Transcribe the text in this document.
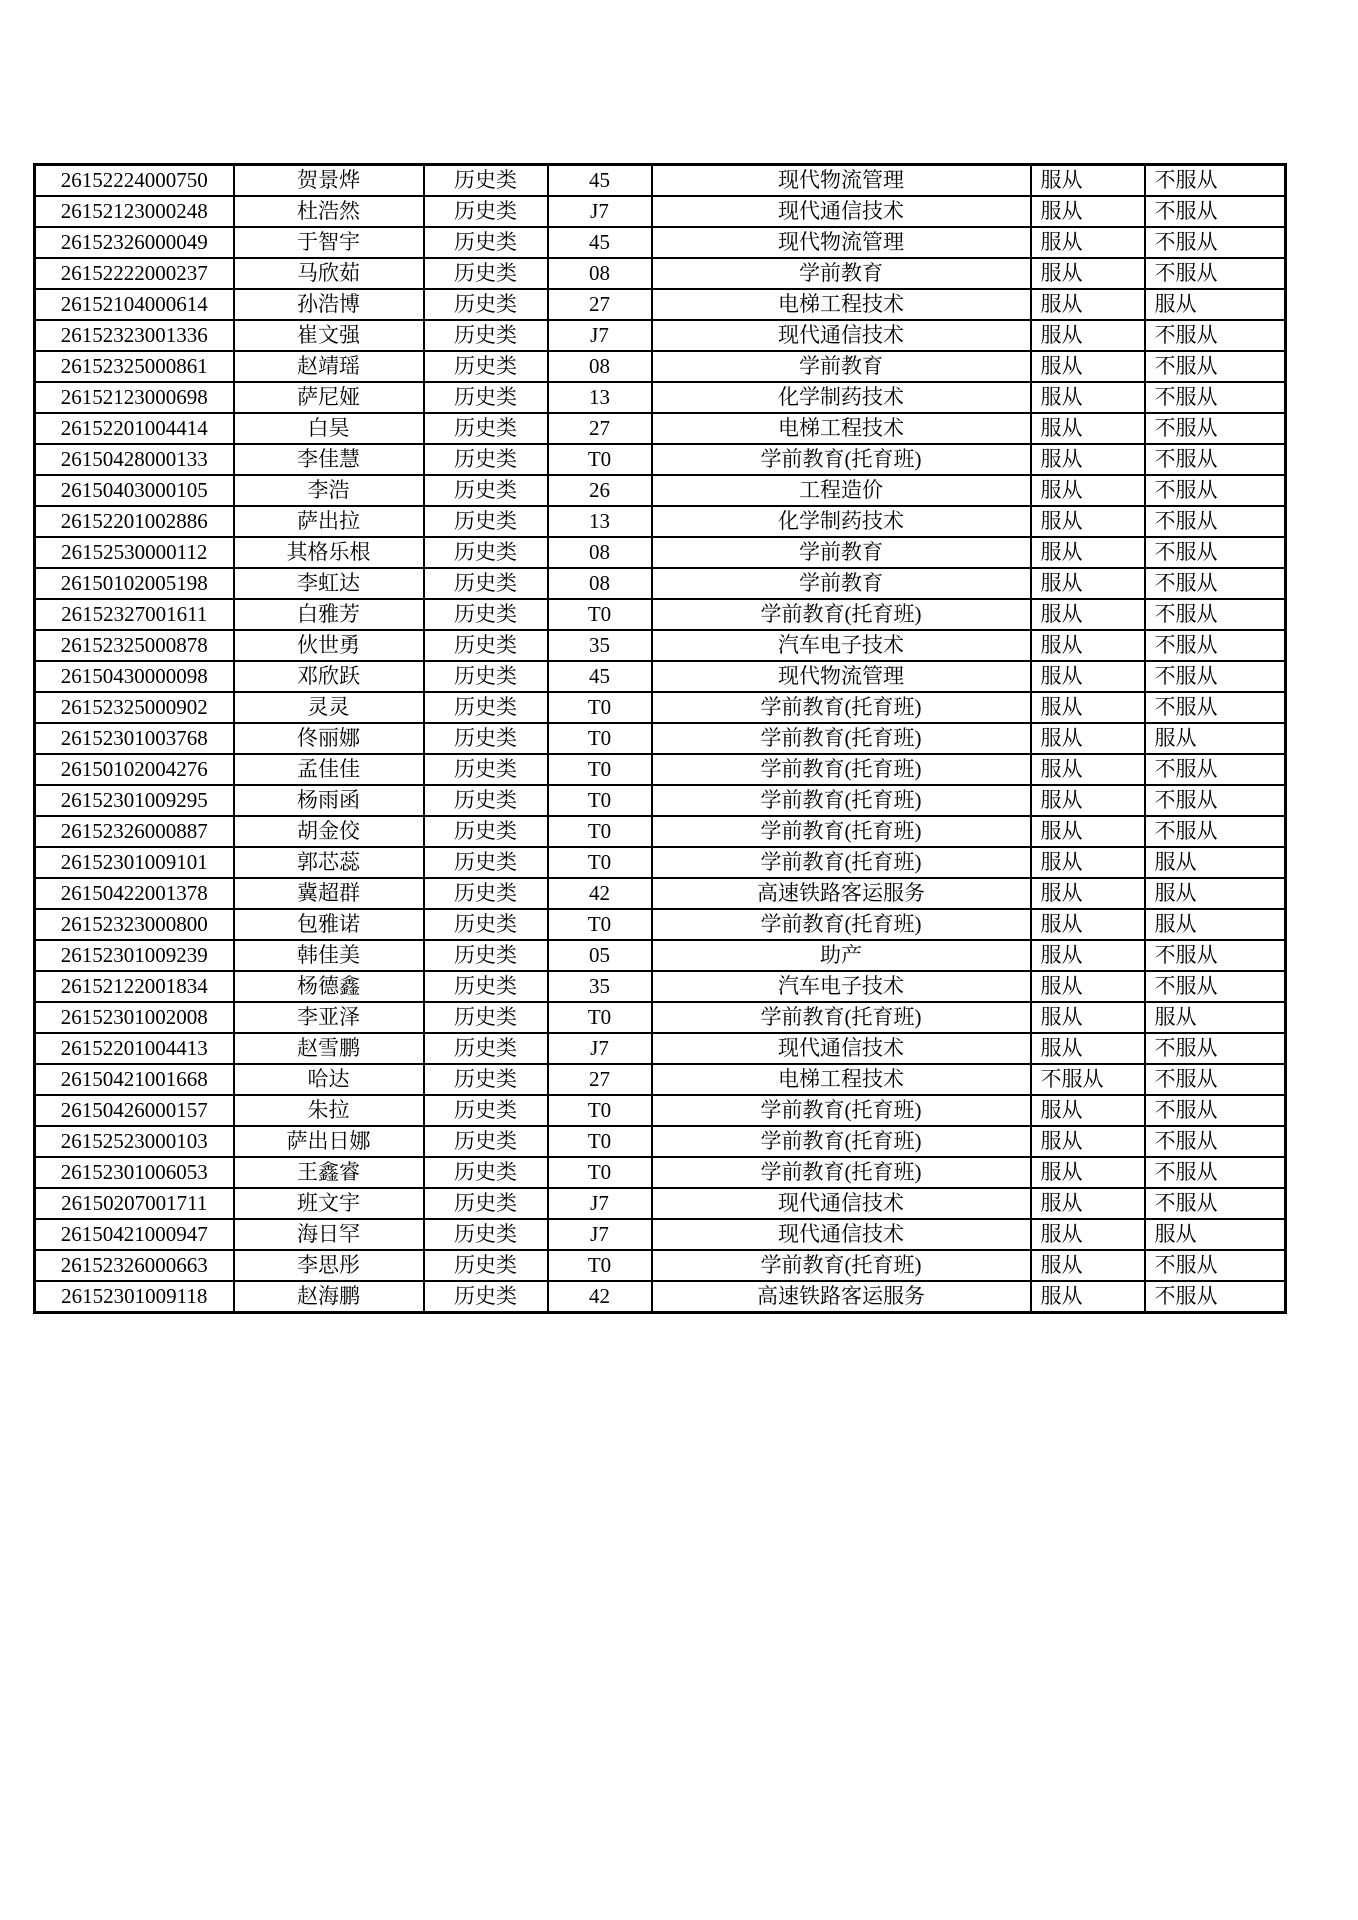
26152224000750	贺景烨	历史类	45	现代物流管理	服从	不服从
26152123000248	杜浩然	历史类	J7	现代通信技术	服从	不服从
26152326000049	于智宇	历史类	45	现代物流管理	服从	不服从
26152222000237	马欣茹	历史类	08	学前教育	服从	不服从
26152104000614	孙浩博	历史类	27	电梯工程技术	服从	服从
26152323001336	崔文强	历史类	J7	现代通信技术	服从	不服从
26152325000861	赵靖瑶	历史类	08	学前教育	服从	不服从
26152123000698	萨尼娅	历史类	13	化学制药技术	服从	不服从
26152201004414	白昊	历史类	27	电梯工程技术	服从	不服从
26150428000133	李佳慧	历史类	T0	学前教育(托育班)	服从	不服从
26150403000105	李浩	历史类	26	工程造价	服从	不服从
26152201002886	萨出拉	历史类	13	化学制药技术	服从	不服从
26152530000112	其格乐根	历史类	08	学前教育	服从	不服从
26150102005198	李虹达	历史类	08	学前教育	服从	不服从
26152327001611	白雅芳	历史类	T0	学前教育(托育班)	服从	不服从
26152325000878	伙世勇	历史类	35	汽车电子技术	服从	不服从
26150430000098	邓欣跃	历史类	45	现代物流管理	服从	不服从
26152325000902	灵灵	历史类	T0	学前教育(托育班)	服从	不服从
26152301003768	佟丽娜	历史类	T0	学前教育(托育班)	服从	服从
26150102004276	孟佳佳	历史类	T0	学前教育(托育班)	服从	不服从
26152301009295	杨雨函	历史类	T0	学前教育(托育班)	服从	不服从
26152326000887	胡金佼	历史类	T0	学前教育(托育班)	服从	不服从
26152301009101	郭芯蕊	历史类	T0	学前教育(托育班)	服从	服从
26150422001378	冀超群	历史类	42	高速铁路客运服务	服从	服从
26152323000800	包雅诺	历史类	T0	学前教育(托育班)	服从	服从
26152301009239	韩佳美	历史类	05	助产	服从	不服从
26152122001834	杨德鑫	历史类	35	汽车电子技术	服从	不服从
26152301002008	李亚泽	历史类	T0	学前教育(托育班)	服从	服从
26152201004413	赵雪鹏	历史类	J7	现代通信技术	服从	不服从
26150421001668	哈达	历史类	27	电梯工程技术	不服从	不服从
26150426000157	朱拉	历史类	T0	学前教育(托育班)	服从	不服从
26152523000103	萨出日娜	历史类	T0	学前教育(托育班)	服从	不服从
26152301006053	王鑫睿	历史类	T0	学前教育(托育班)	服从	不服从
26150207001711	班文宇	历史类	J7	现代通信技术	服从	不服从
26150421000947	海日罕	历史类	J7	现代通信技术	服从	服从
26152326000663	李思彤	历史类	T0	学前教育(托育班)	服从	不服从
26152301009118	赵海鹏	历史类	42	高速铁路客运服务	服从	不服从
